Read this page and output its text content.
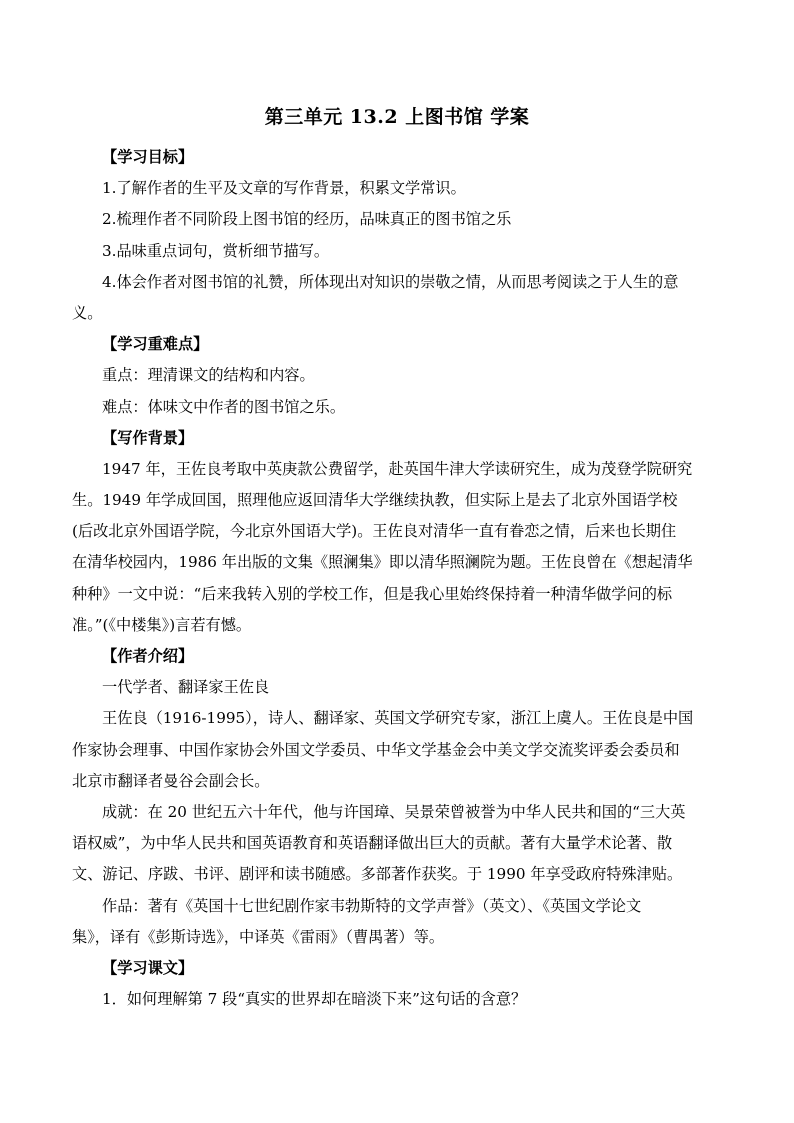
第三单元 13.2 上图书馆 学案
【学习目标】
1.了解作者的生平及文章的写作背景，积累文学常识。
2.梳理作者不同阶段上图书馆的经历，品味真正的图书馆之乐
3.品味重点词句，赏析细节描写。
4.体会作者对图书馆的礼赞，所体现出对知识的崇敬之情，从而思考阅读之于人生的意
义。
【学习重难点】
重点：理清课文的结构和内容。
难点：体味文中作者的图书馆之乐。
【写作背景】
1947 年，王佐良考取中英庚款公费留学，赴英国牛津大学读研究生，成为茂登学院研究
生。1949 年学成回国，照理他应返回清华大学继续执教，但实际上是去了北京外国语学校
(后改北京外国语学院，今北京外国语大学)。王佐良对清华一直有眷恋之情，后来也长期住
在清华校园内，1986 年出版的文集《照澜集》即以清华照澜院为题。王佐良曾在《想起清华
种种》一文中说：“后来我转入别的学校工作，但是我心里始终保持着一种清华做学问的标
准。”(《中楼集》)言若有憾。
【作者介绍】
一代学者、翻译家王佐良
王佐良（1916-1995），诗人、翻译家、英国文学研究专家，浙江上虞人。王佐良是中国
作家协会理事、中国作家协会外国文学委员、中华文学基金会中美文学交流奖评委会委员和
北京市翻译者曼谷会副会长。
成就：在 20 世纪五六十年代，他与许国璋、吴景荣曾被誉为中华人民共和国的“三大英
语权威”，为中华人民共和国英语教育和英语翻译做出巨大的贡献。著有大量学术论著、散
文、游记、序跋、书评、剧评和读书随感。多部著作获奖。于 1990 年享受政府特殊津贴。
作品：著有《英国十七世纪剧作家韦勃斯特的文学声誉》（英文）、《英国文学论文
集》，译有《彭斯诗选》，中译英《雷雨》（曹禺著）等。
【学习课文】
1．如何理解第 7 段“真实的世界却在暗淡下来”这句话的含意？
